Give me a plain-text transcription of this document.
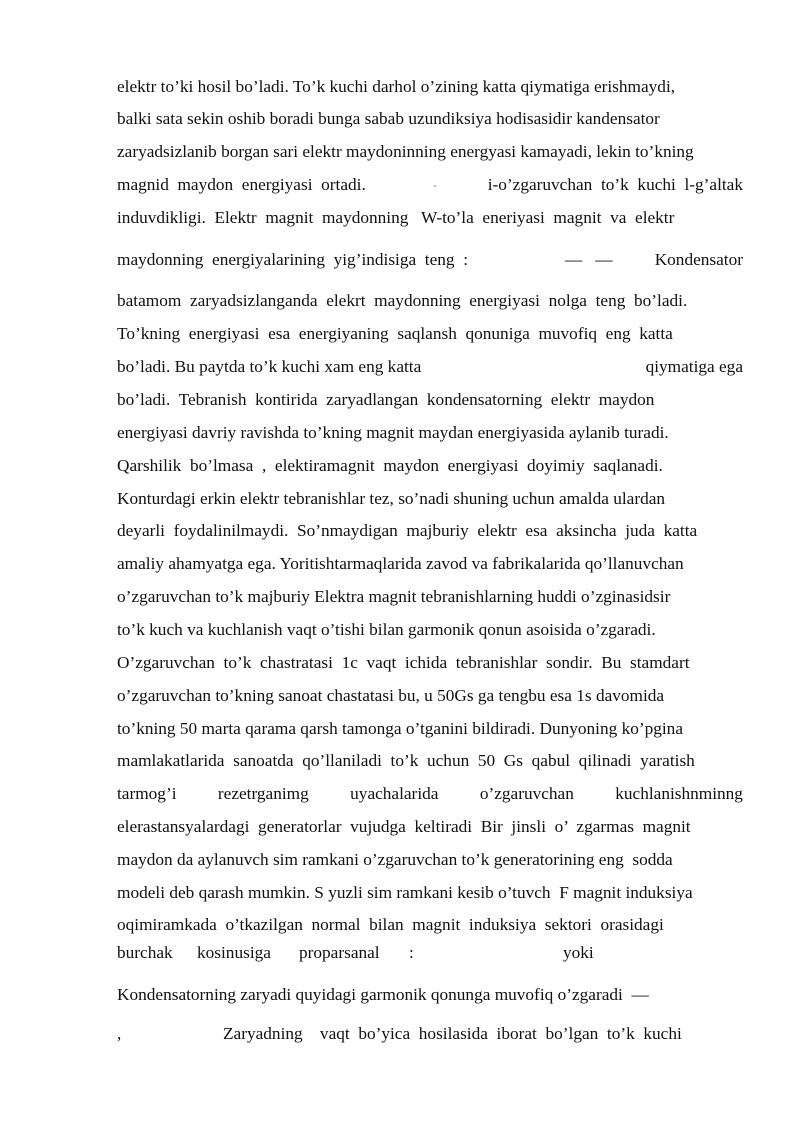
elektr to’ki hosil bo’ladi. To’k kuchi darhol o’zining katta qiymatiga erishmaydi,
balki sata sekin oshib boradi bunga sabab uzundiksiya hodisasidir kandensator
zaryadsizlanib borgan sari elektr maydoninning energyasi kamayadi, lekin to’kning
magnid  maydon  energiyasi  ortadi.	-	i-o’zgaruvchan  to’k  kuchi  l-g’altak
induvdikligi.  Elektr  magnit  maydonning   W-to’la  eneriyasi  magnit  va  elektr
maydonning  energiyalarining  yig’indisiga  teng  :	—   — Kondensator
batamom  zaryadsizlanganda  elekrt  maydonning  energiyasi  nolga  teng  bo’ladi.
To’kning  energiyasi  esa  energiyaning  saqlansh  qonuniga  muvofiq  eng  katta
bo’ladi. Bu paytda to’k kuchi xam eng katta	qiymatiga ega
bo’ladi.  Tebranish  kontirida  zaryadlangan  kondensatorning  elektr  maydon
energiyasi davriy ravishda to’kning magnit maydan energiyasida aylanib turadi.
Qarshilik  bo’lmasa  ,  elektiramagnit  maydon  energiyasi  doyimiy  saqlanadi.
Konturdagi erkin elektr tebranishlar tez, so’nadi shuning uchun amalda ulardan
deyarli  foydalinilmaydi.  So’nmaydigan  majburiy  elektr  esa  aksincha  juda  katta
amaliy ahamyatga ega. Yoritishtarmaqlarida zavod va fabrikalarida qo’llanuvchan
o’zgaruvchan to’k majburiy Elektra magnit tebranishlarning huddi o’zginasidsir
to’k kuch va kuchlanish vaqt o’tishi bilan garmonik qonun asoisida o’zgaradi.
O’zgaruvchan  to’k  chastratasi  1c  vaqt  ichida  tebranishlar  sondir.  Bu  stamdart
o’zgaruvchan to’kning sanoat chastatasi bu, u 50Gs ga tengbu esa 1s davomida
to’kning 50 marta qarama qarsh tamonga o’tganini bildiradi. Dunyoning ko’pgina
mamlakatlarida  sanoatda  qo’llaniladi  to’k  uchun  50  Gs  qabul  qilinadi  yaratish
tarmog’i rezetrganimg uyachalarida o’zgaruvchan kuchlanishnminng
elerastansyalardagi  generatorlar  vujudga  keltiradi  Bir  jinsli  o’  zgarmas  magnit
maydon da aylanuvch sim ramkani o’zgaruvchan to’k generatorining eng  sodda
modeli deb qarash mumkin. S yuzli sim ramkani kesib o’tuvch  F magnit induksiya
oqimiramkada  o’tkazilgan  normal  bilan  magnit  induksiya  sektori  orasidagi
burchak kosinusiga proparsanal :	yoki
Kondensatorning zaryadi quyidagi garmonik qonunga muvofiq o’zgaradi  —
,	Zaryadning    vaqt  bo’yica  hosilasida  iborat  bo’lgan  to’k  kuchi
